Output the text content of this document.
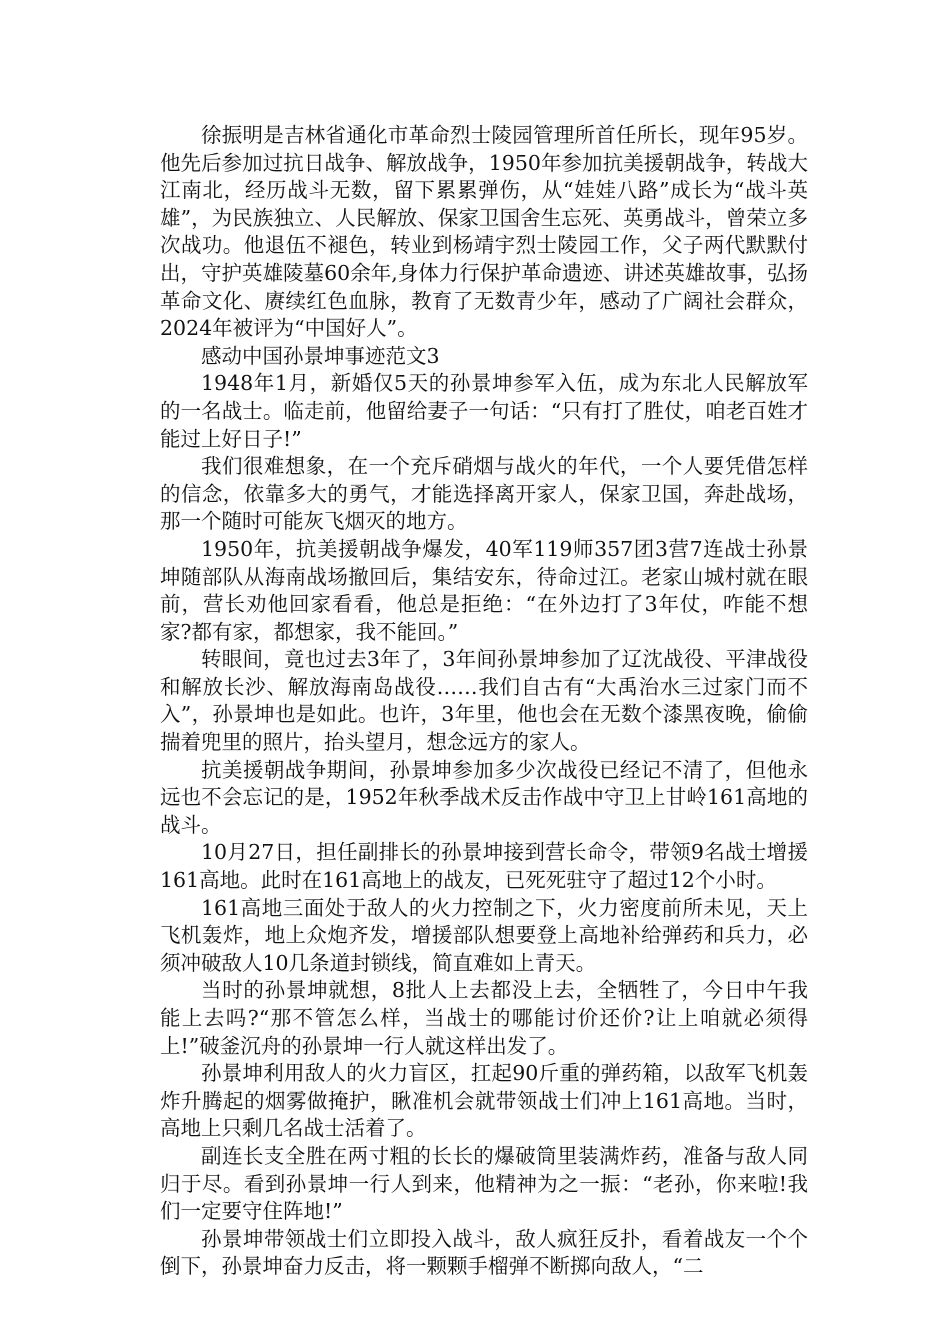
徐振明是吉林省通化市革命烈士陵园管理所首任所长，现年95岁。他先后参加过抗日战争、解放战争，1950年参加抗美援朝战争，转战大江南北，经历战斗无数，留下累累弹伤，从“娃娃八路”成长为“战斗英雄”，为民族独立、人民解放、保家卫国舍生忘死、英勇战斗，曾荣立多次战功。他退伍不褪色，转业到杨靖宇烈士陵园工作，父子两代默默付出，守护英雄陵墓60余年,身体力行保护革命遗迹、讲述英雄故事，弘扬革命文化、赓续红色血脉，教育了无数青少年，感动了广阔社会群众，2024年被评为“中国好人”。

感动中国孙景坤事迹范文3

1948年1月，新婚仅5天的孙景坤参军入伍，成为东北人民解放军的一名战士。临走前，他留给妻子一句话：“只有打了胜仗，咱老百姓才能过上好日子!”

我们很难想象，在一个充斥硝烟与战火的年代，一个人要凭借怎样的信念，依靠多大的勇气，才能选择离开家人，保家卫国，奔赴战场，那一个随时可能灰飞烟灭的地方。

1950年，抗美援朝战争爆发，40军119师357团3营7连战士孙景坤随部队从海南战场撤回后，集结安东，待命过江。老家山城村就在眼前，营长劝他回家看看，他总是拒绝：“在外边打了3年仗，咋能不想家?都有家，都想家，我不能回。”

转眼间，竟也过去3年了，3年间孙景坤参加了辽沈战役、平津战役和解放长沙、解放海南岛战役……我们自古有“大禹治水三过家门而不入”，孙景坤也是如此。也许，3年里，他也会在无数个漆黑夜晚，偷偷揣着兜里的照片，抬头望月，想念远方的家人。

抗美援朝战争期间，孙景坤参加多少次战役已经记不清了，但他永远也不会忘记的是，1952年秋季战术反击作战中守卫上甘岭161高地的战斗。

10月27日，担任副排长的孙景坤接到营长命令，带领9名战士增援161高地。此时在161高地上的战友，已死死驻守了超过12个小时。

161高地三面处于敌人的火力控制之下，火力密度前所未见，天上飞机轰炸，地上众炮齐发，增援部队想要登上高地补给弹药和兵力，必须冲破敌人10几条道封锁线，简直难如上青天。

当时的孙景坤就想，8批人上去都没上去，全牺牲了，今日中午我能上去吗?“那不管怎么样，当战士的哪能讨价还价?让上咱就必须得上!”破釜沉舟的孙景坤一行人就这样出发了。

孙景坤利用敌人的火力盲区，扛起90斤重的弹药箱，以敌军飞机轰炸升腾起的烟雾做掩护，瞅准机会就带领战士们冲上161高地。当时，高地上只剩几名战士活着了。

副连长支全胜在两寸粗的长长的爆破筒里装满炸药，准备与敌人同归于尽。看到孙景坤一行人到来，他精神为之一振：“老孙，你来啦!我们一定要守住阵地!”

孙景坤带领战士们立即投入战斗，敌人疯狂反扑，看着战友一个个倒下，孙景坤奋力反击，将一颗颗手榴弹不断掷向敌人，“二
